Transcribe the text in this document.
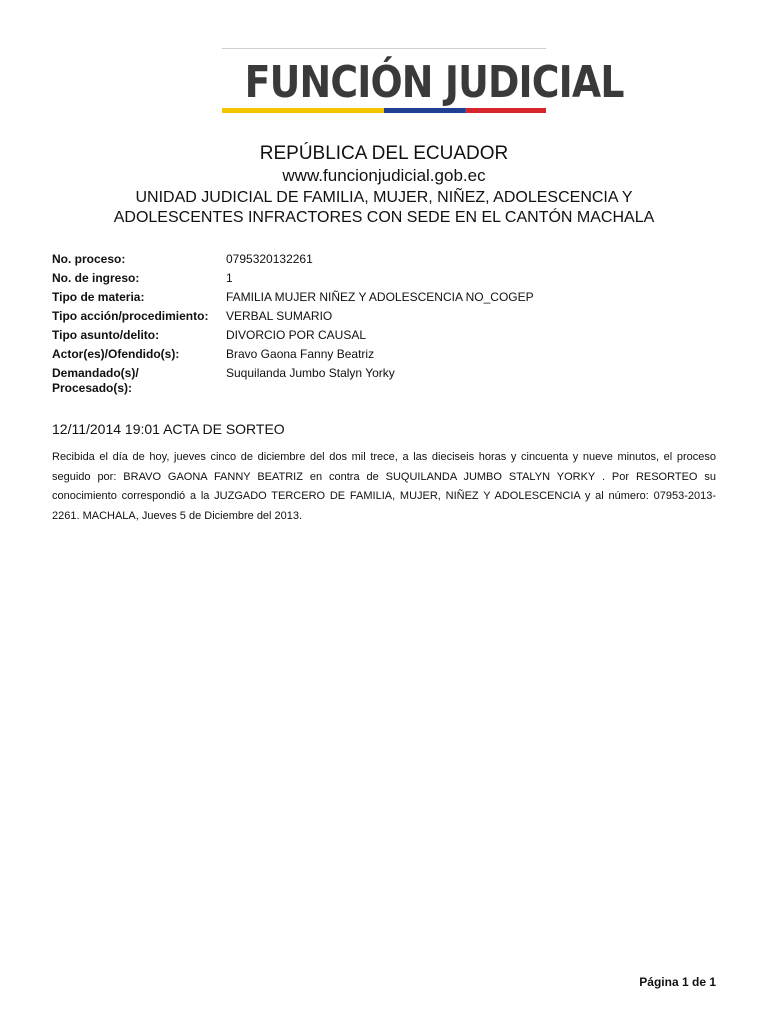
FUNCIÓN JUDICIAL

REPÚBLICA DEL ECUADOR

www.funcionjudicial.gob.ec

UNIDAD JUDICIAL DE FAMILIA, MUJER, NIÑEZ, ADOLESCENCIA Y

ADOLESCENTES INFRACTORES CON SEDE EN EL CANTÓN MACHALA

No. proceso:	0795320132261
No. de ingreso:	1
Tipo de materia:	FAMILIA MUJER NIÑEZ Y ADOLESCENCIA NO_COGEP
Tipo acción/procedimiento:	VERBAL SUMARIO
Tipo asunto/delito:	DIVORCIO POR CAUSAL
Actor(es)/Ofendido(s):	Bravo Gaona Fanny Beatriz
Demandado(s)/
Procesado(s):	Suquilanda Jumbo Stalyn Yorky
12/11/2014 19:01 ACTA DE SORTEO

Recibida el día de hoy, jueves cinco de diciembre del dos mil trece, a las dieciseis horas y cincuenta y nueve minutos, el proceso seguido por: BRAVO GAONA FANNY BEATRIZ en contra de SUQUILANDA JUMBO STALYN YORKY . Por RESORTEO su conocimiento correspondió a la JUZGADO TERCERO DE FAMILIA, MUJER, NIÑEZ Y ADOLESCENCIA y al número: 07953-2013-2261. MACHALA, Jueves 5 de Diciembre del 2013.

Página 1 de 1
